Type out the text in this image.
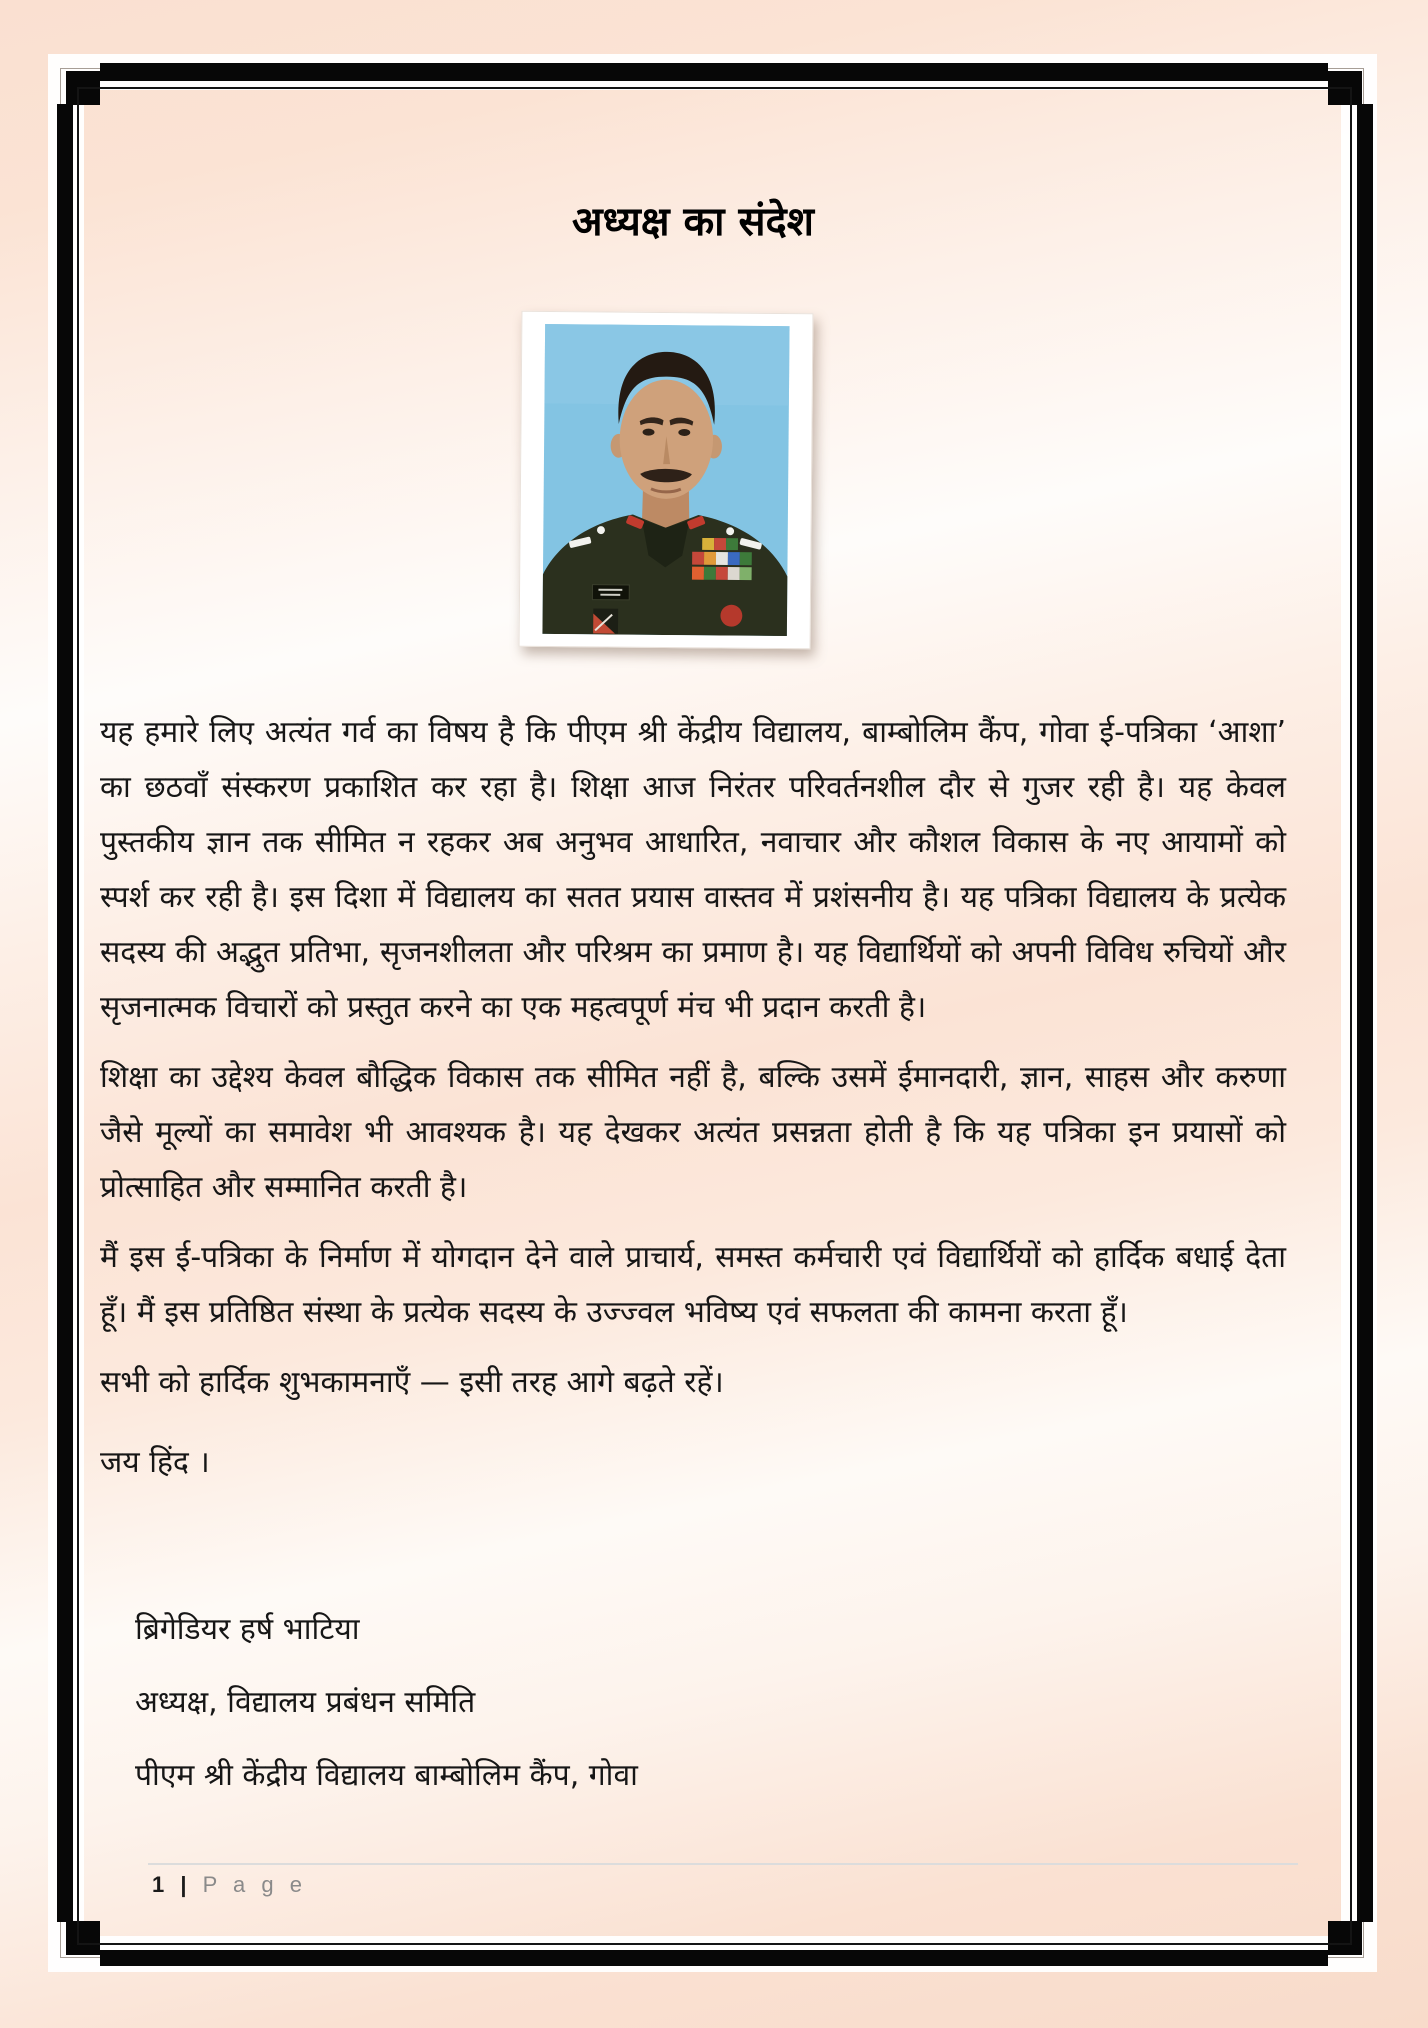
अध्यक्ष का संदेश

यह हमारे लिए अत्यंत गर्व का विषय है कि पीएम श्री केंद्रीय विद्यालय, बाम्बोलिम कैंप, गोवा ई-पत्रिका ‘आशा’ का छठवाँ संस्करण प्रकाशित कर रहा है। शिक्षा आज निरंतर परिवर्तनशील दौर से गुजर रही है। यह केवल पुस्तकीय ज्ञान तक सीमित न रहकर अब अनुभव आधारित, नवाचार और कौशल विकास के नए आयामों को स्पर्श कर रही है। इस दिशा में विद्यालय का सतत प्रयास वास्तव में प्रशंसनीय है। यह पत्रिका विद्यालय के प्रत्येक सदस्य की अद्भुत प्रतिभा, सृजनशीलता और परिश्रम का प्रमाण है। यह विद्यार्थियों को अपनी विविध रुचियों और सृजनात्मक विचारों को प्रस्तुत करने का एक महत्वपूर्ण मंच भी प्रदान करती है।

शिक्षा का उद्देश्य केवल बौद्धिक विकास तक सीमित नहीं है, बल्कि उसमें ईमानदारी, ज्ञान, साहस और करुणा जैसे मूल्यों का समावेश भी आवश्यक है। यह देखकर अत्यंत प्रसन्नता होती है कि यह पत्रिका इन प्रयासों को प्रोत्साहित और सम्मानित करती है।

मैं इस ई-पत्रिका के निर्माण में योगदान देने वाले प्राचार्य, समस्त कर्मचारी एवं विद्यार्थियों को हार्दिक बधाई देता हूँ। मैं इस प्रतिष्ठित संस्था के प्रत्येक सदस्य के उज्ज्वल भविष्य एवं सफलता की कामना करता हूँ।

सभी को हार्दिक शुभकामनाएँ — इसी तरह आगे बढ़ते रहें।

जय हिंद ।

ब्रिगेडियर हर्ष भाटिया

अध्यक्ष, विद्यालय प्रबंधन समिति

पीएम श्री केंद्रीय विद्यालय बाम्बोलिम कैंप, गोवा

1 | P a g e
